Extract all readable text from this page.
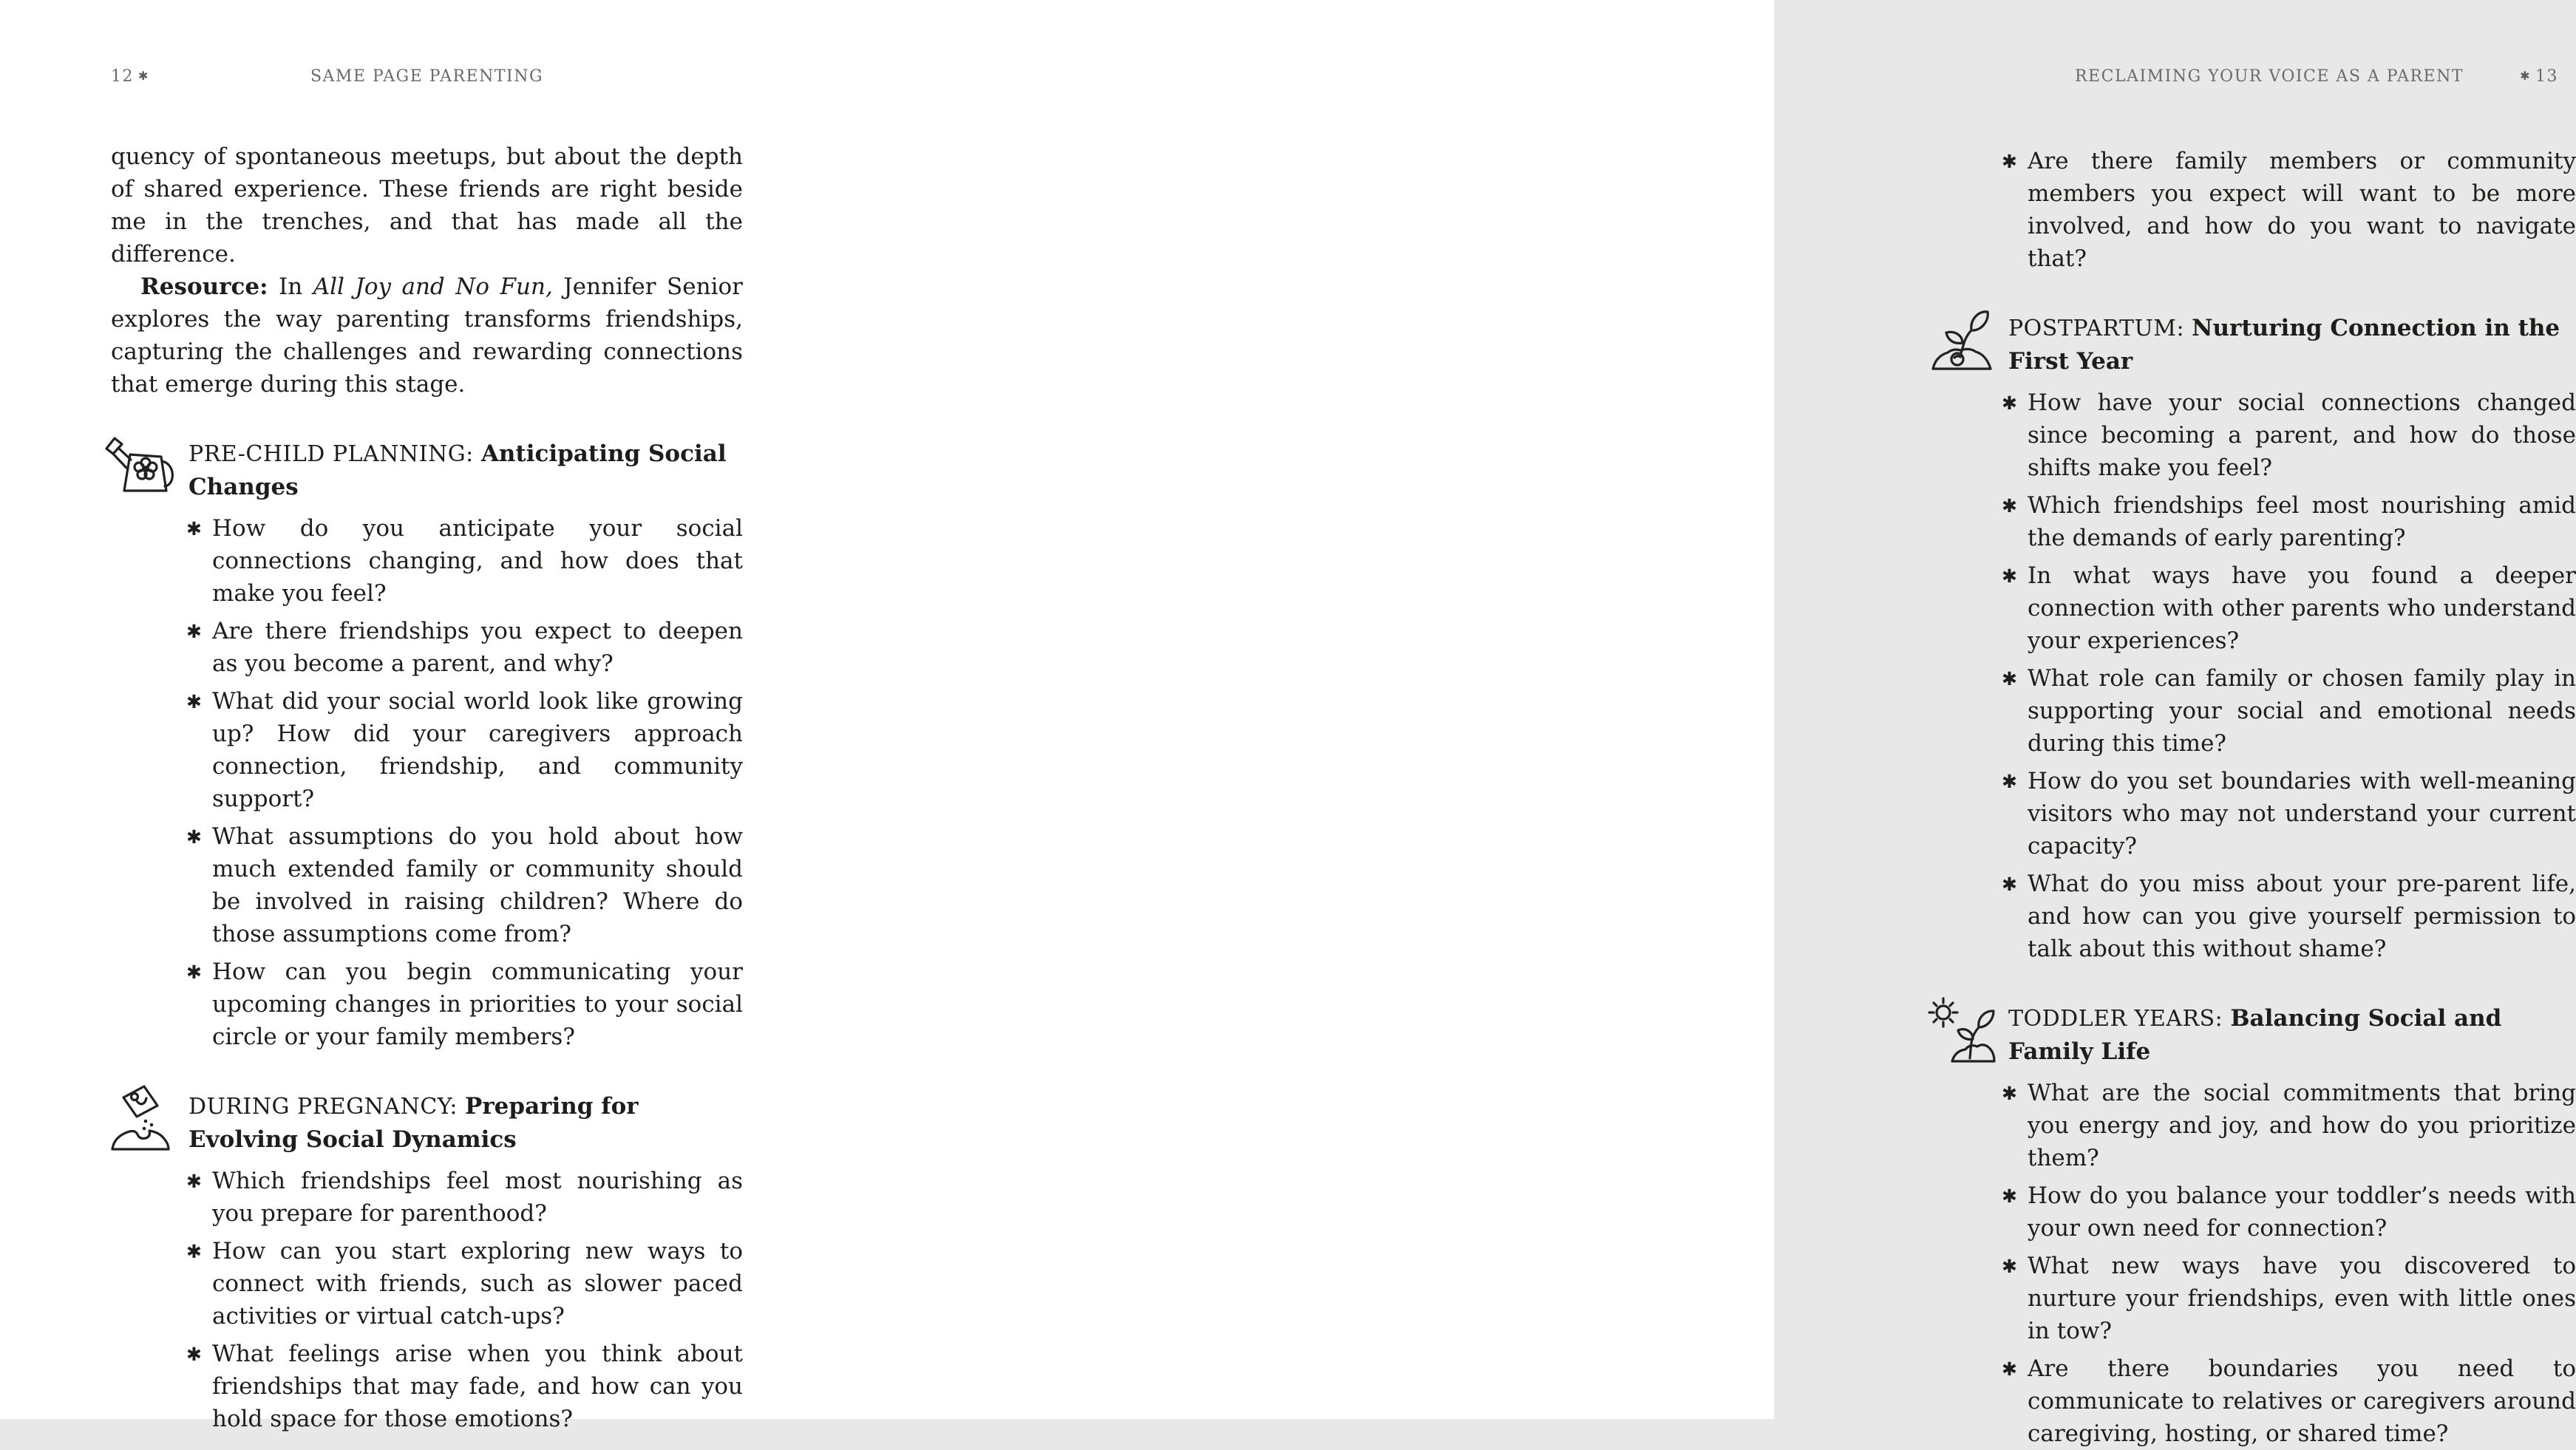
12 ✱	SAME PAGE PARENTING
quency of spontaneous meetups, but about the depth of shared experience. These friends are right beside me in the trenches, and that has made all the difference.
Resource: In All Joy and No Fun, Jennifer Senior explores the way parenting transforms friendships, capturing the challenges and rewarding connections that emerge during this stage.
PRE-CHILD PLANNING: Anticipating Social Changes
✱ How do you anticipate your social connections changing, and how does that make you feel?
✱ Are there friendships you expect to deepen as you become a parent, and why?
✱ What did your social world look like growing up? How did your caregivers approach connection, friendship, and community support?
✱ What assumptions do you hold about how much extended family or community should be involved in raising children? Where do those assumptions come from?
✱ How can you begin communicating your upcoming changes in priorities to your social circle or your family members?
DURING PREGNANCY: Preparing for Evolving Social Dynamics
✱ Which friendships feel most nourishing as you prepare for parenthood?
✱ How can you start exploring new ways to connect with friends, such as slower paced activities or virtual catch-ups?
✱ What feelings arise when you think about friendships that may fade, and how can you hold space for those emotions?
RECLAIMING YOUR VOICE AS A PARENT	✱ 13
✱ Are there family members or community members you expect will want to be more involved, and how do you want to navigate that?
POSTPARTUM: Nurturing Connection in the First Year
✱ How have your social connections changed since becoming a parent, and how do those shifts make you feel?
✱ Which friendships feel most nourishing amid the demands of early parenting?
✱ In what ways have you found a deeper connection with other parents who understand your experiences?
✱ What role can family or chosen family play in supporting your social and emotional needs during this time?
✱ How do you set boundaries with well-meaning visitors who may not understand your current capacity?
✱ What do you miss about your pre-parent life, and how can you give yourself permission to talk about this without shame?
TODDLER YEARS: Balancing Social and Family Life
✱ What are the social commitments that bring you energy and joy, and how do you prioritize them?
✱ How do you balance your toddler’s needs with your own need for connection?
✱ What new ways have you discovered to nurture your friendships, even with little ones in tow?
✱ Are there boundaries you need to communicate to relatives or caregivers around caregiving, hosting, or shared time?
